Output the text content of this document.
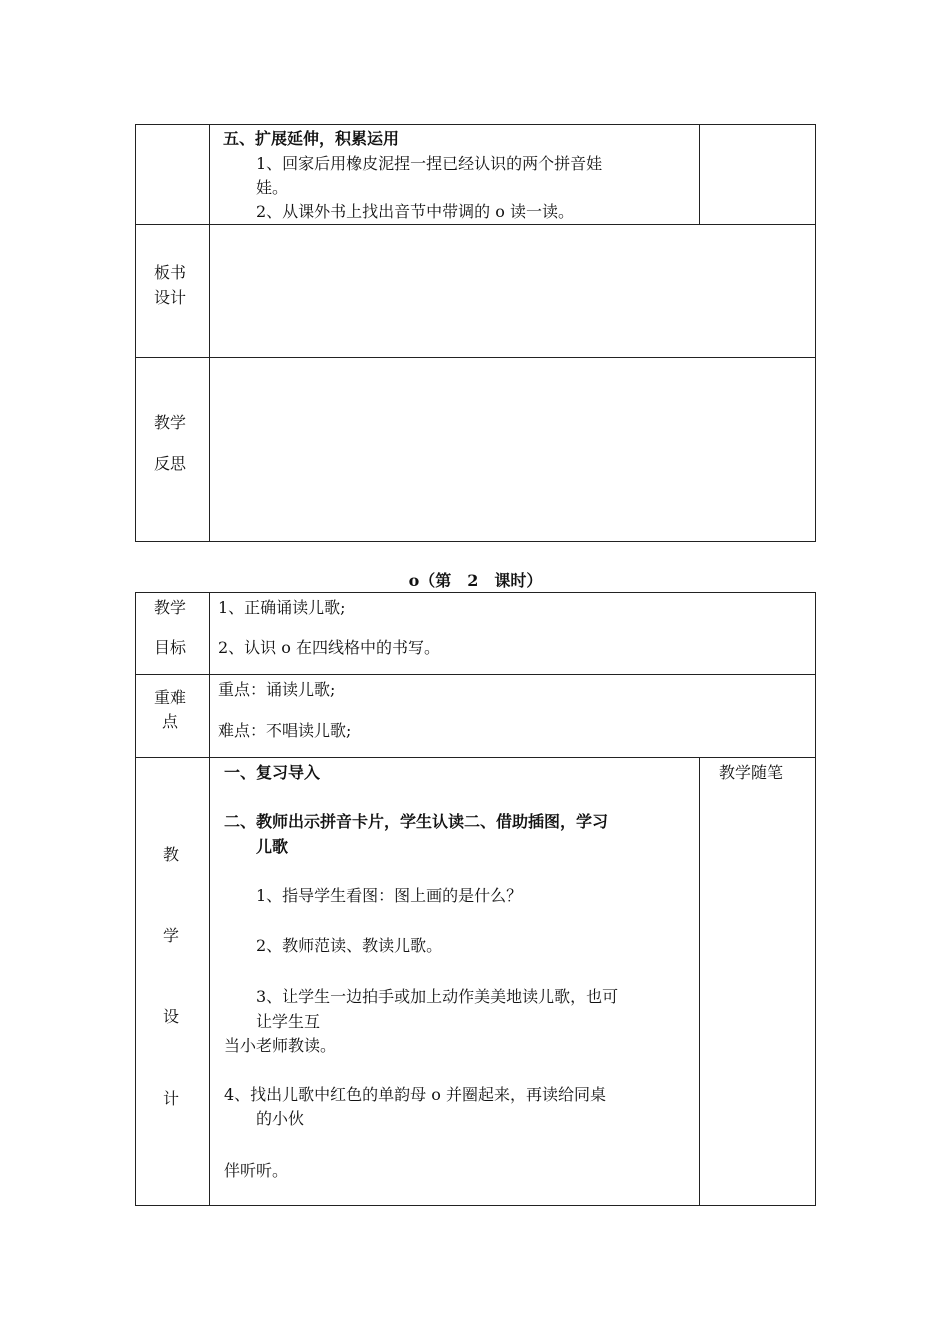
五、扩展延伸，积累运用
1、回家后用橡皮泥捏一捏已经认识的两个拼音娃
娃。
2、从课外书上找出音节中带调的 o 读一读。
板书
设计
教学
反思
o（第　2　课时）
教学
目标
1、正确诵读儿歌;
2、认识 o 在四线格中的书写。
重难
点
重点：诵读儿歌;
难点：不唱读儿歌;
教
学
设
计
教学随笔
一、复习导入
二、教师出示拼音卡片，学生认读二、借助插图，学习
儿歌
1、指导学生看图：图上画的是什么？
2、教师范读、教读儿歌。
3、让学生一边拍手或加上动作美美地读儿歌，也可
让学生互
当小老师教读。
4、找出儿歌中红色的单韵母 o 并圈起来，再读给同桌
的小伙
伴听听。
